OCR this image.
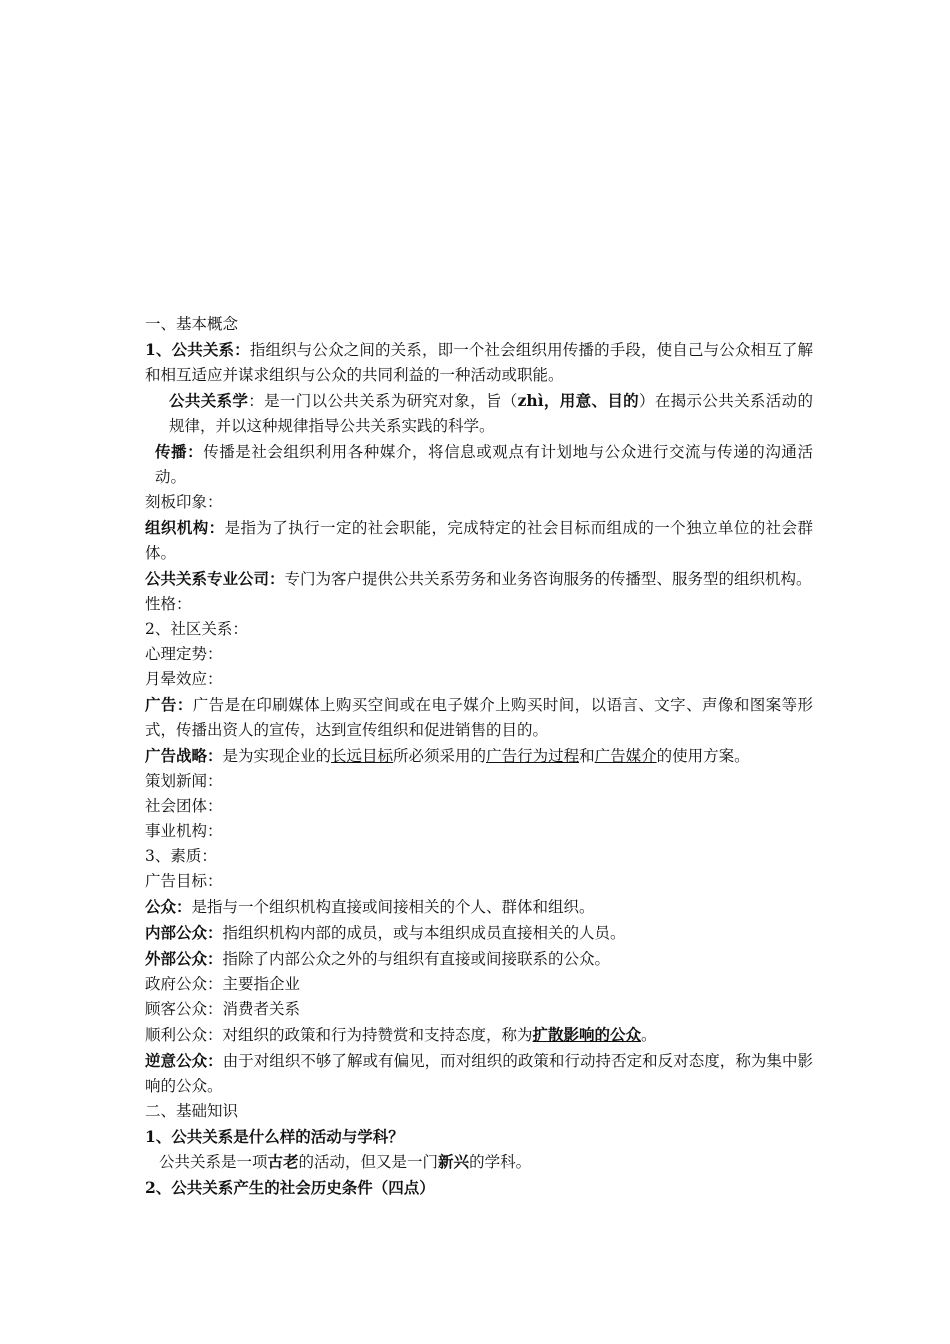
一、基本概念

1、公共关系：指组织与公众之间的关系，即一个社会组织用传播的手段，使自己与公众相互了解和相互适应并谋求组织与公众的共同利益的一种活动或职能。

公共关系学：是一门以公共关系为研究对象，旨（zhì，用意、目的）在揭示公共关系活动的规律，并以这种规律指导公共关系实践的科学。

传播：传播是社会组织利用各种媒介，将信息或观点有计划地与公众进行交流与传递的沟通活动。

刻板印象：

组织机构：是指为了执行一定的社会职能，完成特定的社会目标而组成的一个独立单位的社会群体。

公共关系专业公司：专门为客户提供公共关系劳务和业务咨询服务的传播型、服务型的组织机构。

性格：

2、社区关系：

心理定势：

月晕效应：

广告：广告是在印刷媒体上购买空间或在电子媒介上购买时间，以语言、文字、声像和图案等形式，传播出资人的宣传，达到宣传组织和促进销售的目的。

广告战略：是为实现企业的长远目标所必须采用的广告行为过程和广告媒介的使用方案。

策划新闻：

社会团体：

事业机构：

3、素质：

广告目标：

公众：是指与一个组织机构直接或间接相关的个人、群体和组织。

内部公众：指组织机构内部的成员，或与本组织成员直接相关的人员。

外部公众：指除了内部公众之外的与组织有直接或间接联系的公众。

政府公众：主要指企业

顾客公众：消费者关系

顺利公众：对组织的政策和行为持赞赏和支持态度，称为扩散影响的公众。

逆意公众：由于对组织不够了解或有偏见，而对组织的政策和行动持否定和反对态度，称为集中影响的公众。

二、基础知识

1、公共关系是什么样的活动与学科？

公共关系是一项古老的活动，但又是一门新兴的学科。

2、公共关系产生的社会历史条件（四点）
